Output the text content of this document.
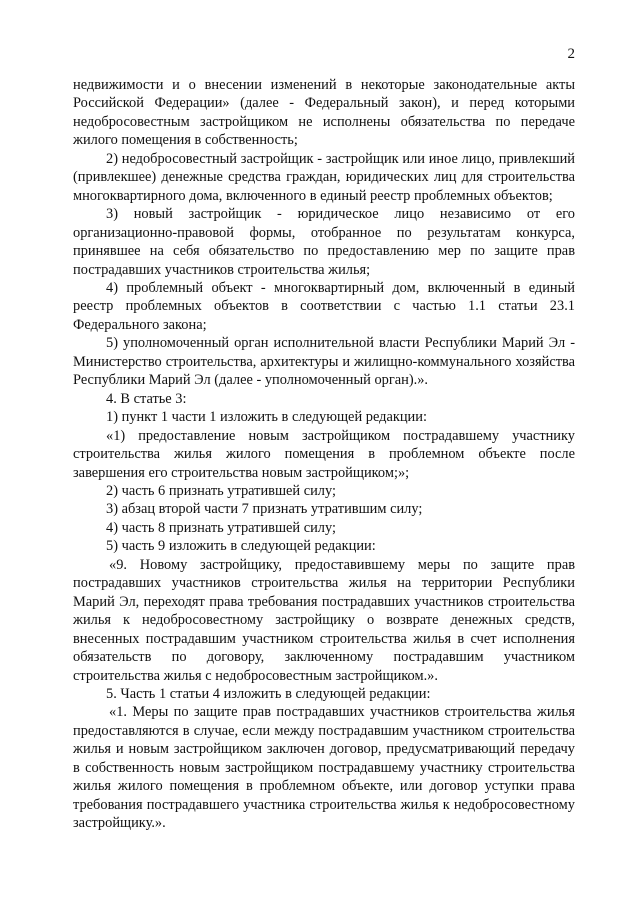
2

недвижимости и о внесении изменений в некоторые законодательные акты Российской Федерации» (далее - Федеральный закон), и перед которыми недобросовестным застройщиком не исполнены обязательства по передаче жилого помещения в собственность;

2) недобросовестный застройщик - застройщик или иное лицо, привлекший (привлекшее) денежные средства граждан, юридических лиц для строительства многоквартирного дома, включенного в единый реестр проблемных объектов;

3) новый застройщик - юридическое лицо независимо от его организационно-правовой формы, отобранное по результатам конкурса, принявшее на себя обязательство по предоставлению мер по защите прав пострадавших участников строительства жилья;

4) проблемный объект - многоквартирный дом, включенный в единый реестр проблемных объектов в соответствии с частью 1.1 статьи 23.1 Федерального закона;

5) уполномоченный орган исполнительной власти Республики Марий Эл - Министерство строительства, архитектуры и жилищно-коммунального хозяйства Республики Марий Эл (далее - уполномоченный орган).».

4. В статье 3:

1) пункт 1 части 1 изложить в следующей редакции:

«1) предоставление новым застройщиком пострадавшему участнику строительства жилья жилого помещения в проблемном объекте после завершения его строительства новым застройщиком;»;

2) часть 6 признать утратившей силу;

3) абзац второй части 7 признать утратившим силу;

4) часть 8 признать утратившей силу;

5) часть 9 изложить в следующей редакции:

«9. Новому застройщику, предоставившему меры по защите прав пострадавших участников строительства жилья на территории Республики Марий Эл, переходят права требования пострадавших участников строительства жилья к недобросовестному застройщику о возврате денежных средств, внесенных пострадавшим участником строительства жилья в счет исполнения обязательств по договору, заключенному пострадавшим участником строительства жилья с недобросовестным застройщиком.».

5. Часть 1 статьи 4 изложить в следующей редакции:

«1. Меры по защите прав пострадавших участников строительства жилья предоставляются в случае, если между пострадавшим участником строительства жилья и новым застройщиком заключен договор, предусматривающий передачу в собственность новым застройщиком пострадавшему участнику строительства жилья жилого помещения в проблемном объекте, или договор уступки права требования пострадавшего участника строительства жилья к недобросовестному застройщику.».
